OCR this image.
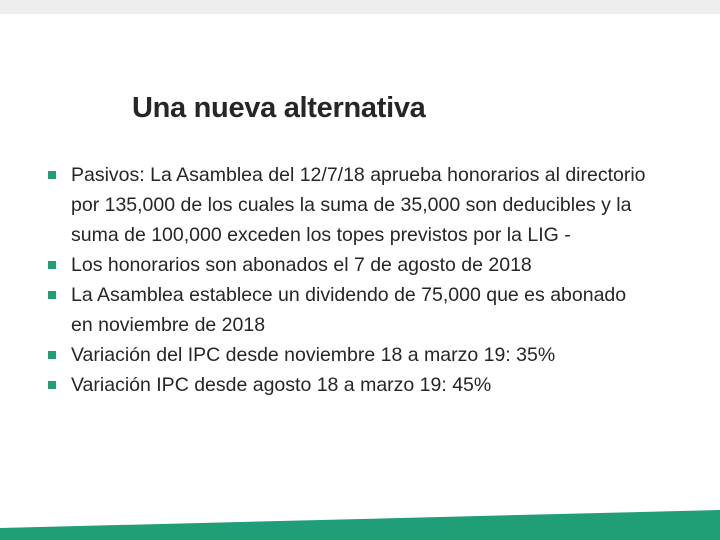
Una nueva alternativa
Pasivos: La Asamblea del 12/7/18 aprueba honorarios al directorio por 135,000 de los cuales la suma de 35,000 son deducibles y la suma de 100,000 exceden los topes previstos por la LIG -
Los honorarios son abonados el 7 de agosto de 2018
La Asamblea establece un dividendo de 75,000 que es abonado en noviembre de 2018
Variación del IPC desde noviembre 18 a marzo 19: 35%
Variación IPC desde agosto 18 a marzo 19: 45%
